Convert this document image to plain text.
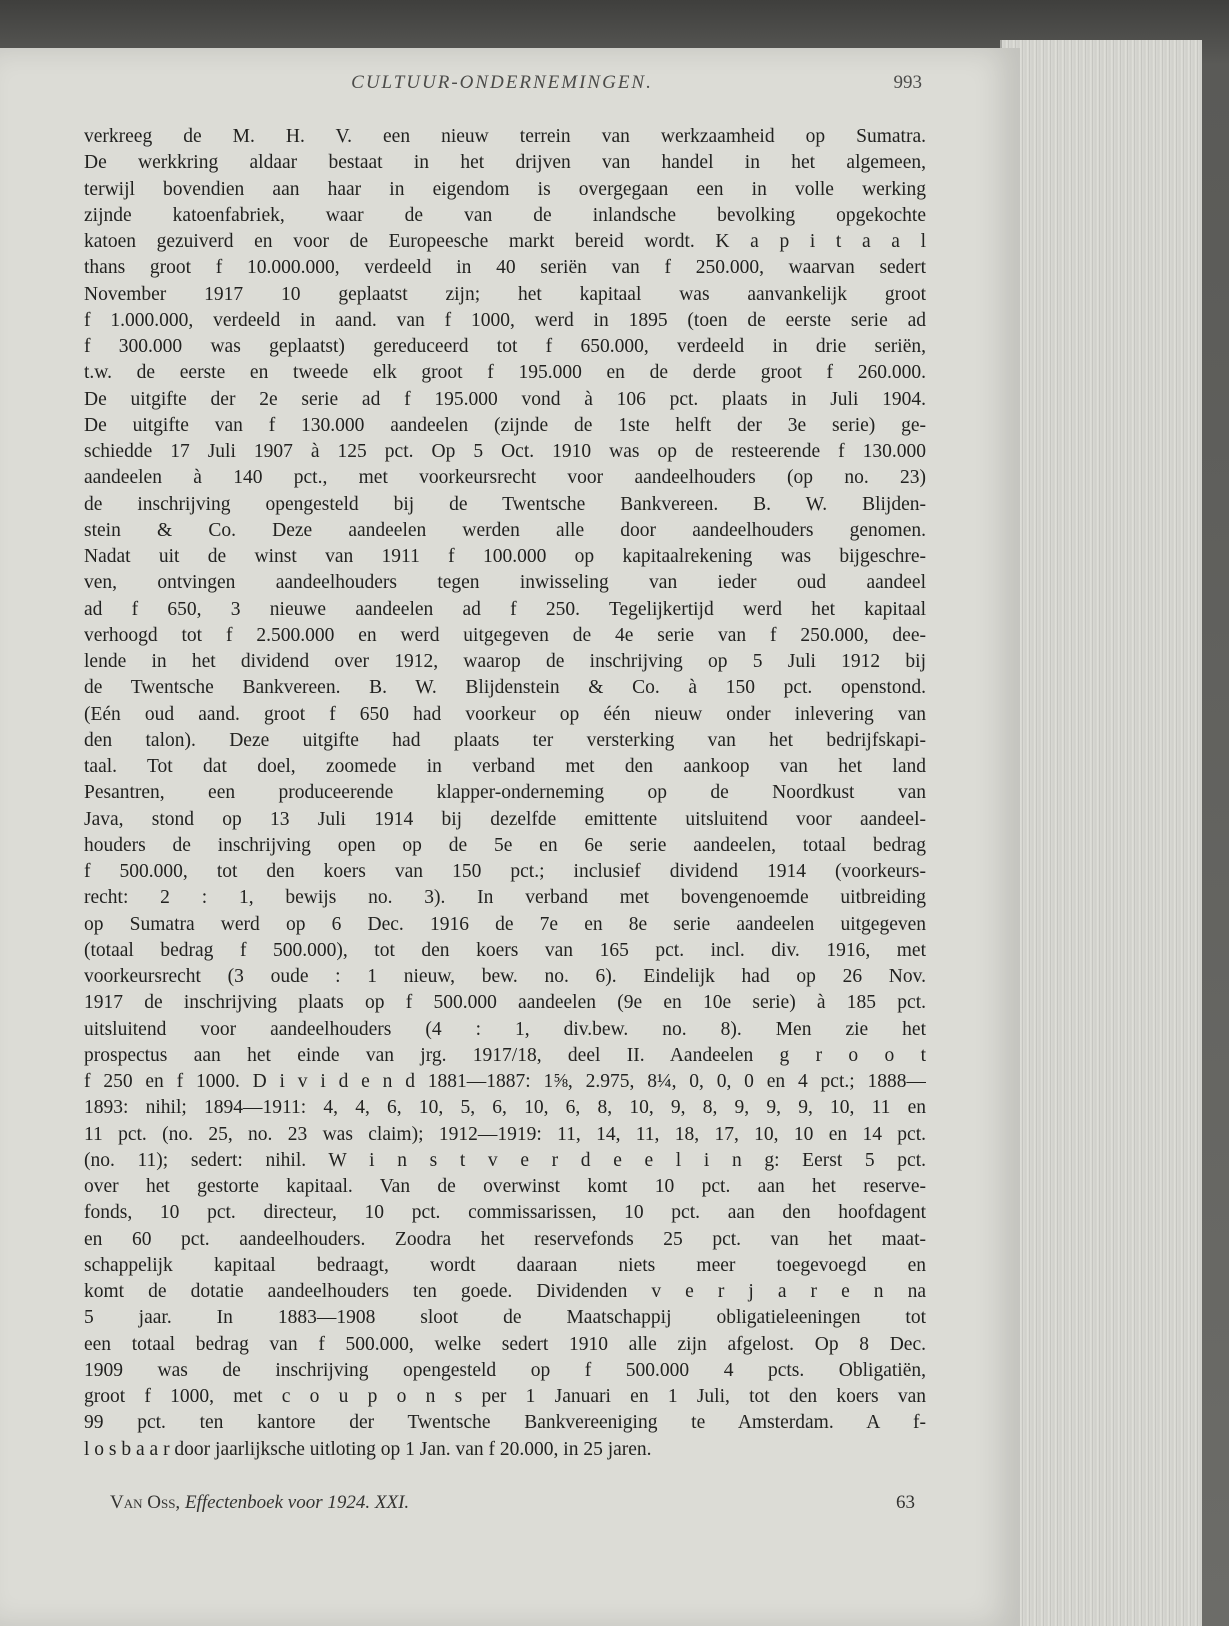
CULTUUR-ONDERNEMINGEN.	993
verkreeg de M. H. V. een nieuw terrein van werkzaamheid op Sumatra.
De werkkring aldaar bestaat in het drijven van handel in het algemeen,
terwijl bovendien aan haar in eigendom is overgegaan een in volle werking
zijnde katoenfabriek, waar de van de inlandsche bevolking opgekochte
katoen gezuiverd en voor de Europeesche markt bereid wordt. K a p i t a a l
thans groot f 10.000.000, verdeeld in 40 seriën van f 250.000, waarvan sedert
November 1917 10 geplaatst zijn; het kapitaal was aanvankelijk groot
f 1.000.000, verdeeld in aand. van f 1000, werd in 1895 (toen de eerste serie ad
f 300.000 was geplaatst) gereduceerd tot f 650.000, verdeeld in drie seriën,
t.w. de eerste en tweede elk groot f 195.000 en de derde groot f 260.000.
De uitgifte der 2e serie ad f 195.000 vond à 106 pct. plaats in Juli 1904.
De uitgifte van f 130.000 aandeelen (zijnde de 1ste helft der 3e serie) ge-
schiedde 17 Juli 1907 à 125 pct. Op 5 Oct. 1910 was op de resteerende f 130.000
aandeelen à 140 pct., met voorkeursrecht voor aandeelhouders (op no. 23)
de inschrijving opengesteld bij de Twentsche Bankvereen. B. W. Blijden-
stein & Co. Deze aandeelen werden alle door aandeelhouders genomen.
Nadat uit de winst van 1911 f 100.000 op kapitaalrekening was bijgeschre-
ven, ontvingen aandeelhouders tegen inwisseling van ieder oud aandeel
ad f 650, 3 nieuwe aandeelen ad f 250. Tegelijkertijd werd het kapitaal
verhoogd tot f 2.500.000 en werd uitgegeven de 4e serie van f 250.000, dee-
lende in het dividend over 1912, waarop de inschrijving op 5 Juli 1912 bij
de Twentsche Bankvereen. B. W. Blijdenstein & Co. à 150 pct. openstond.
(Eén oud aand. groot f 650 had voorkeur op één nieuw onder inlevering van
den talon). Deze uitgifte had plaats ter versterking van het bedrijfskapi-
taal. Tot dat doel, zoomede in verband met den aankoop van het land
Pesantren, een produceerende klapper-onderneming op de Noordkust van
Java, stond op 13 Juli 1914 bij dezelfde emittente uitsluitend voor aandeel-
houders de inschrijving open op de 5e en 6e serie aandeelen, totaal bedrag
f 500.000, tot den koers van 150 pct.; inclusief dividend 1914 (voorkeurs-
recht: 2 : 1, bewijs no. 3). In verband met bovengenoemde uitbreiding
op Sumatra werd op 6 Dec. 1916 de 7e en 8e serie aandeelen uitgegeven
(totaal bedrag f 500.000), tot den koers van 165 pct. incl. div. 1916, met
voorkeursrecht (3 oude : 1 nieuw, bew. no. 6). Eindelijk had op 26 Nov.
1917 de inschrijving plaats op f 500.000 aandeelen (9e en 10e serie) à 185 pct.
uitsluitend voor aandeelhouders (4 : 1, div.bew. no. 8). Men zie het
prospectus aan het einde van jrg. 1917/18, deel II. Aandeelen g r o o t
f 250 en f 1000. D i v i d e n d 1881—1887: 1⅝, 2.975, 8¼, 0, 0, 0 en 4 pct.; 1888—
1893: nihil; 1894—1911: 4, 4, 6, 10, 5, 6, 10, 6, 8, 10, 9, 8, 9, 9, 9, 10, 11 en
11 pct. (no. 25, no. 23 was claim); 1912—1919: 11, 14, 11, 18, 17, 10, 10 en 14 pct.
(no. 11); sedert: nihil. W i n s t v e r d e e l i n g: Eerst 5 pct.
over het gestorte kapitaal. Van de overwinst komt 10 pct. aan het reserve-
fonds, 10 pct. directeur, 10 pct. commissarissen, 10 pct. aan den hoofdagent
en 60 pct. aandeelhouders. Zoodra het reservefonds 25 pct. van het maat-
schappelijk kapitaal bedraagt, wordt daaraan niets meer toegevoegd en
komt de dotatie aandeelhouders ten goede. Dividenden v e r j a r e n na
5 jaar. In 1883—1908 sloot de Maatschappij obligatieleeningen tot
een totaal bedrag van f 500.000, welke sedert 1910 alle zijn afgelost. Op 8 Dec.
1909 was de inschrijving opengesteld op f 500.000 4 pcts. Obligatiën,
groot f 1000, met c o u p o n s per 1 Januari en 1 Juli, tot den koers van
99 pct. ten kantore der Twentsche Bankvereeniging te Amsterdam. A f-
l o s b a a r door jaarlijksche uitloting op 1 Jan. van f 20.000, in 25 jaren.
Van Oss, Effectenboek voor 1924. XXI.	63
